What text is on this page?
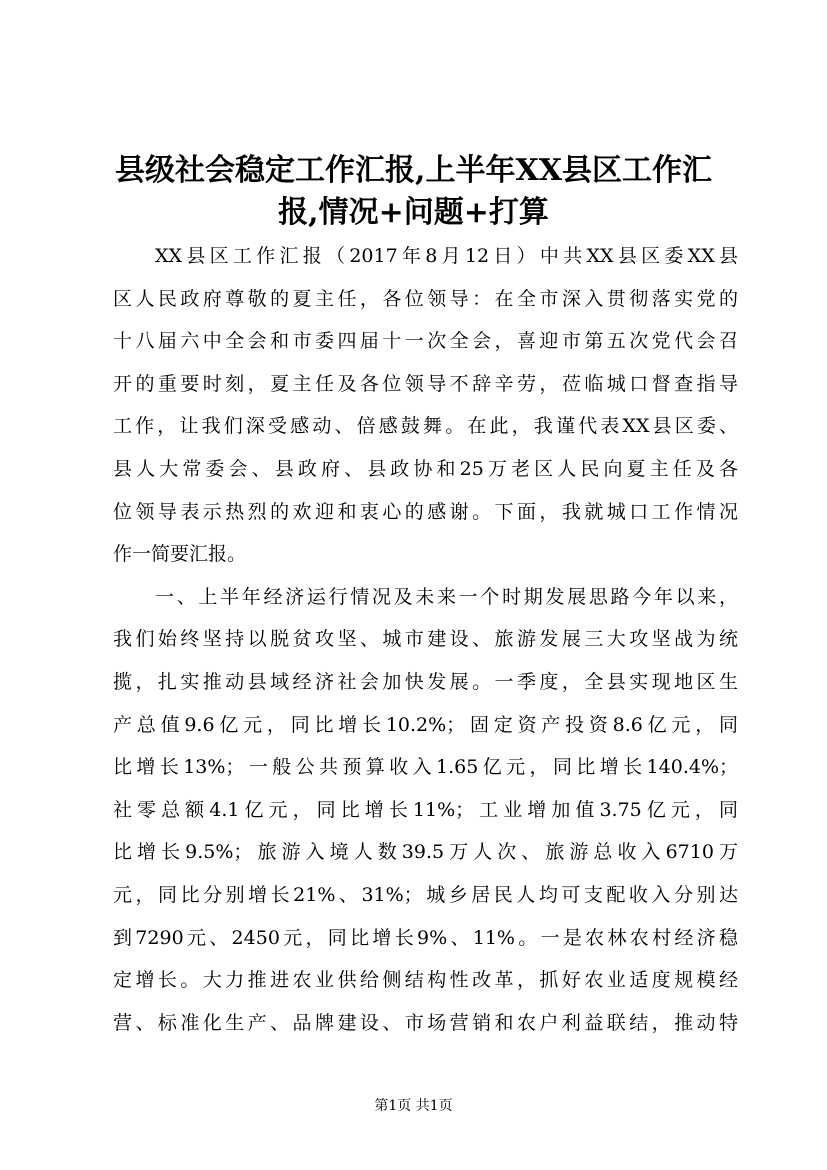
县级社会稳定工作汇报,上半年XX县区工作汇
报,情况+问题+打算

XX县区工作汇报（2017年8月12日）中共XX县区委XX县

区人民政府尊敬的夏主任，各位领导：在全市深入贯彻落实党的

十八届六中全会和市委四届十一次全会，喜迎市第五次党代会召

开的重要时刻，夏主任及各位领导不辞辛劳，莅临城口督查指导

工作，让我们深受感动、倍感鼓舞。在此，我谨代表XX县区委、

县人大常委会、县政府、县政协和25万老区人民向夏主任及各

位领导表示热烈的欢迎和衷心的感谢。下面，我就城口工作情况

作一简要汇报。

一、上半年经济运行情况及未来一个时期发展思路今年以来，

我们始终坚持以脱贫攻坚、城市建设、旅游发展三大攻坚战为统

揽，扎实推动县域经济社会加快发展。一季度，全县实现地区生

产总值9.6亿元，同比增长10.2%；固定资产投资8.6亿元，同

比增长13%；一般公共预算收入1.65亿元，同比增长140.4%；

社零总额4.1亿元，同比增长11%；工业增加值3.75亿元，同

比增长9.5%；旅游入境人数39.5万人次、旅游总收入6710万

元，同比分别增长21%、31%；城乡居民人均可支配收入分别达

到7290元、2450元，同比增长9%、11%。一是农林农村经济稳

定增长。大力推进农业供给侧结构性改革，抓好农业适度规模经

营、标准化生产、品牌建设、市场营销和农户利益联结，推动特

第1页 共1页
